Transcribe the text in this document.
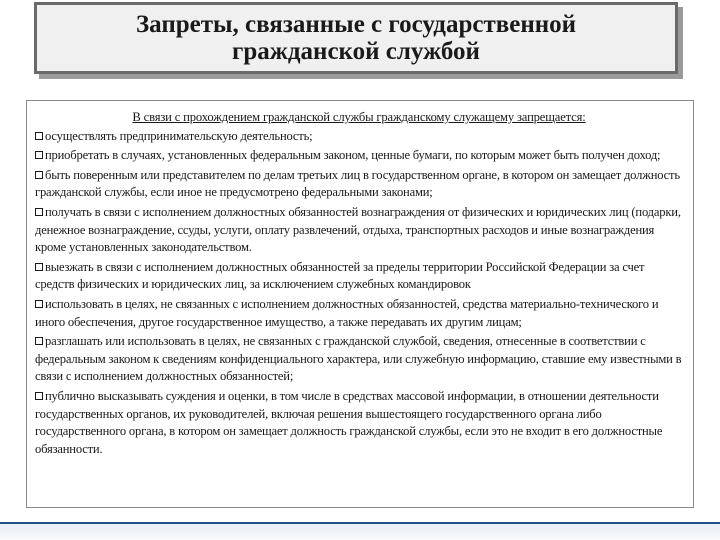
Запреты, связанные с государственной
гражданской службой
В связи с прохождением гражданской службы гражданскому служащему запрещается:
осуществлять предпринимательскую деятельность;
приобретать в случаях, установленных федеральным законом, ценные бумаги, по которым может быть получен доход;
быть поверенным или представителем по делам третьих лиц в государственном органе, в котором он замещает должность гражданской службы, если иное не предусмотрено федеральными законами;
получать в связи с исполнением должностных обязанностей вознаграждения от физических и юридических лиц (подарки, денежное вознаграждение, ссуды, услуги, оплату развлечений, отдыха, транспортных расходов и иные вознаграждения кроме установленных законодательством.
выезжать в связи с исполнением должностных обязанностей за пределы территории Российской Федерации за счет средств физических и юридических лиц, за исключением служебных командировок
использовать в целях, не связанных с исполнением должностных обязанностей, средства материально-технического и иного обеспечения, другое государственное имущество, а также передавать их другим лицам;
разглашать или использовать в целях, не связанных с гражданской службой, сведения, отнесенные в соответствии с федеральным законом к сведениям конфиденциального характера, или служебную информацию, ставшие ему известными в связи с исполнением должностных обязанностей;
публично высказывать суждения и оценки, в том числе в средствах массовой информации, в отношении деятельности государственных органов, их руководителей, включая решения вышестоящего государственного органа либо государственного органа, в котором он замещает должность гражданской службы, если это не входит в его должностные обязанности.
